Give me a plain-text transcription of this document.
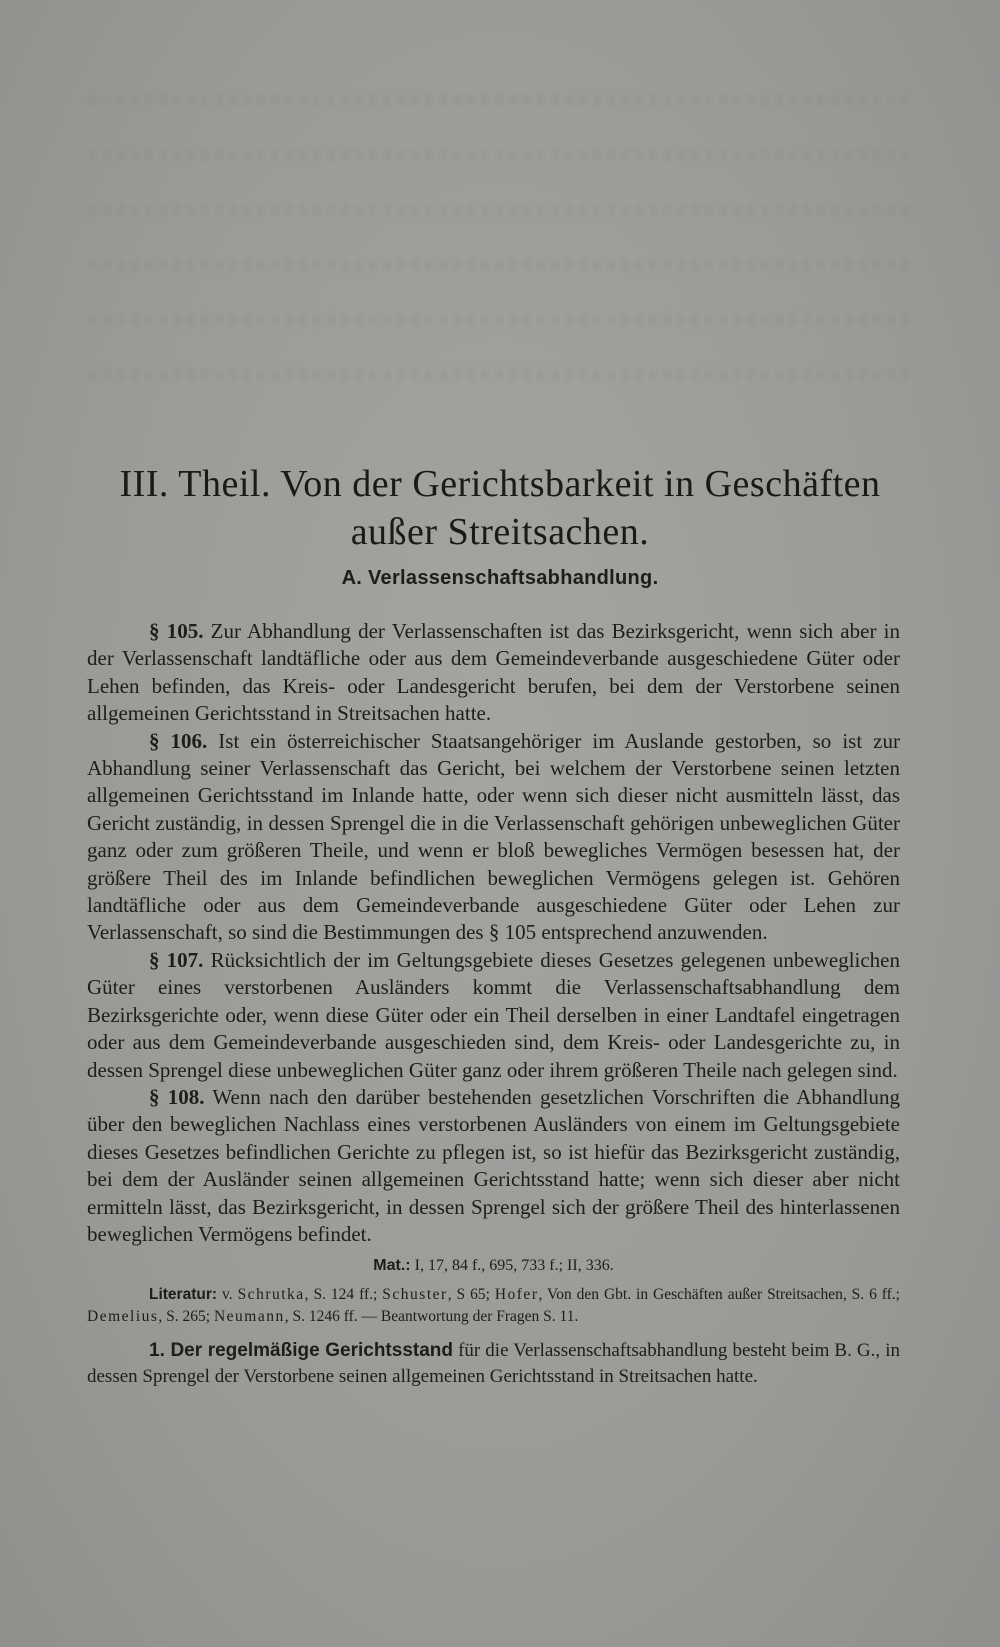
III. Theil. Von der Gerichtsbarkeit in Geschäften
außer Streitsachen.
A. Verlassenschaftsabhandlung.

§ 105. Zur Abhandlung der Verlassenschaften ist das Bezirksgericht, wenn sich aber in der Verlassenschaft landtäfliche oder aus dem Gemeindeverbande ausgeschiedene Güter oder Lehen befinden, das Kreis- oder Landesgericht berufen, bei dem der Verstorbene seinen allgemeinen Gerichtsstand in Streitsachen hatte.

§ 106. Ist ein österreichischer Staatsangehöriger im Auslande gestorben, so ist zur Abhandlung seiner Verlassenschaft das Gericht, bei welchem der Verstorbene seinen letzten allgemeinen Gerichtsstand im Inlande hatte, oder wenn sich dieser nicht ausmitteln lässt, das Gericht zuständig, in dessen Sprengel die in die Verlassenschaft gehörigen unbeweglichen Güter ganz oder zum größeren Theile, und wenn er bloß bewegliches Vermögen besessen hat, der größere Theil des im Inlande befindlichen beweglichen Vermögens gelegen ist. Gehören landtäfliche oder aus dem Gemeindeverbande ausgeschiedene Güter oder Lehen zur Verlassenschaft, so sind die Bestimmungen des § 105 entsprechend anzuwenden.

§ 107. Rücksichtlich der im Geltungsgebiete dieses Gesetzes gelegenen unbeweglichen Güter eines verstorbenen Ausländers kommt die Verlassenschaftsabhandlung dem Bezirksgerichte oder, wenn diese Güter oder ein Theil derselben in einer Landtafel eingetragen oder aus dem Gemeindeverbande ausgeschieden sind, dem Kreis- oder Landesgerichte zu, in dessen Sprengel diese unbeweglichen Güter ganz oder ihrem größeren Theile nach gelegen sind.

§ 108. Wenn nach den darüber bestehenden gesetzlichen Vorschriften die Abhandlung über den beweglichen Nachlass eines verstorbenen Ausländers von einem im Geltungsgebiete dieses Gesetzes befindlichen Gerichte zu pflegen ist, so ist hiefür das Bezirksgericht zuständig, bei dem der Ausländer seinen allgemeinen Gerichtsstand hatte; wenn sich dieser aber nicht ermitteln lässt, das Bezirksgericht, in dessen Sprengel sich der größere Theil des hinterlassenen beweglichen Vermögens befindet.

Mat.: I, 17, 84 f., 695, 733 f.; II, 336.

Literatur: v. Schrutka, S. 124 ff.; Schuster, S 65; Hofer, Von den Gbt. in Geschäften außer Streitsachen, S. 6 ff.; Demelius, S. 265; Neumann, S. 1246 ff. — Beantwortung der Fragen S. 11.

1. Der regelmäßige Gerichtsstand für die Verlassenschaftsabhandlung besteht beim B. G., in dessen Sprengel der Verstorbene seinen allgemeinen Gerichtsstand in Streitsachen hatte.
